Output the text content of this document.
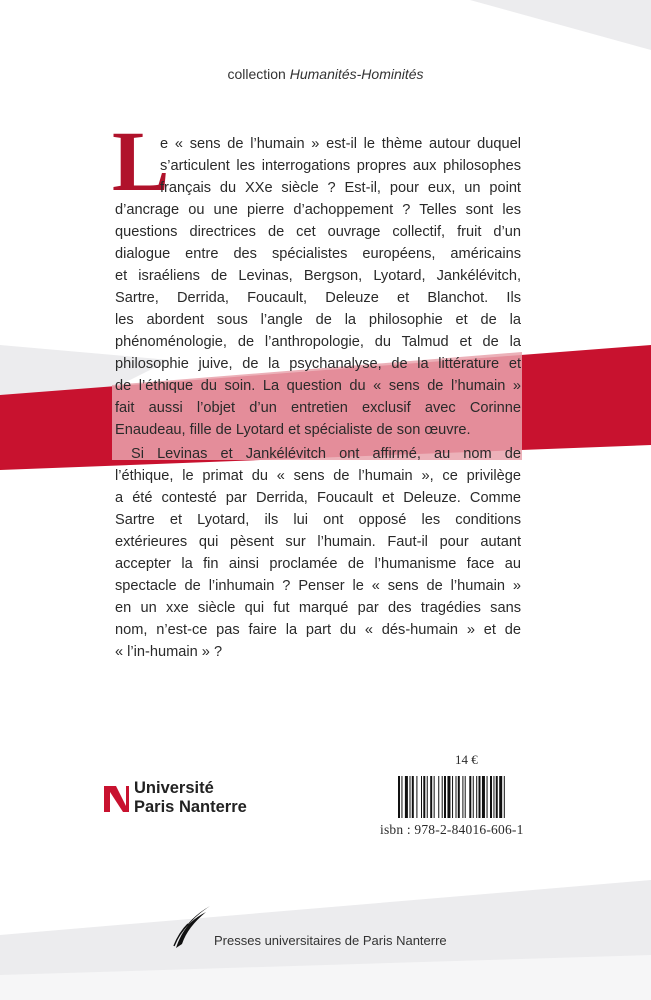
collection Humanités-Hominités
L
e « sens de l’humain » est-il le thème autour duquel
s’articulent les interrogations propres aux philosophes
français du XXe siècle ? Est-il, pour eux, un point
d’ancrage ou une pierre d’achoppement ? Telles sont les
questions directrices de cet ouvrage collectif, fruit d’un
dialogue entre des spécialistes européens, américains
et israéliens de Levinas, Bergson, Lyotard, Jankélévitch,
Sartre, Derrida, Foucault, Deleuze et Blanchot. Ils
les abordent sous l’angle de la philosophie et de la
phénoménologie, de l’anthropologie, du Talmud et de la
philosophie juive, de la psychanalyse, de la littérature et
de l’éthique du soin. La question du « sens de l’humain »
fait aussi l’objet d’un entretien exclusif avec Corinne
Enaudeau, fille de Lyotard et spécialiste de son œuvre.
Si Levinas et Jankélévitch ont affirmé, au nom de
l’éthique, le primat du « sens de l’humain », ce privilège
a été contesté par Derrida, Foucault et Deleuze. Comme
Sartre et Lyotard, ils lui ont opposé les conditions
extérieures qui pèsent sur l’humain. Faut-il pour autant
accepter la fin ainsi proclamée de l’humanisme face au
spectacle de l’inhumain ? Penser le « sens de l’humain »
en un xxe siècle qui fut marqué par des tragédies sans
nom, n’est-ce pas faire la part du « dés-humain » et de
« l’in-humain » ?
Université
Paris Nanterre
14 €
isbn : 978-2-84016-606-1
Presses universitaires de Paris Nanterre
